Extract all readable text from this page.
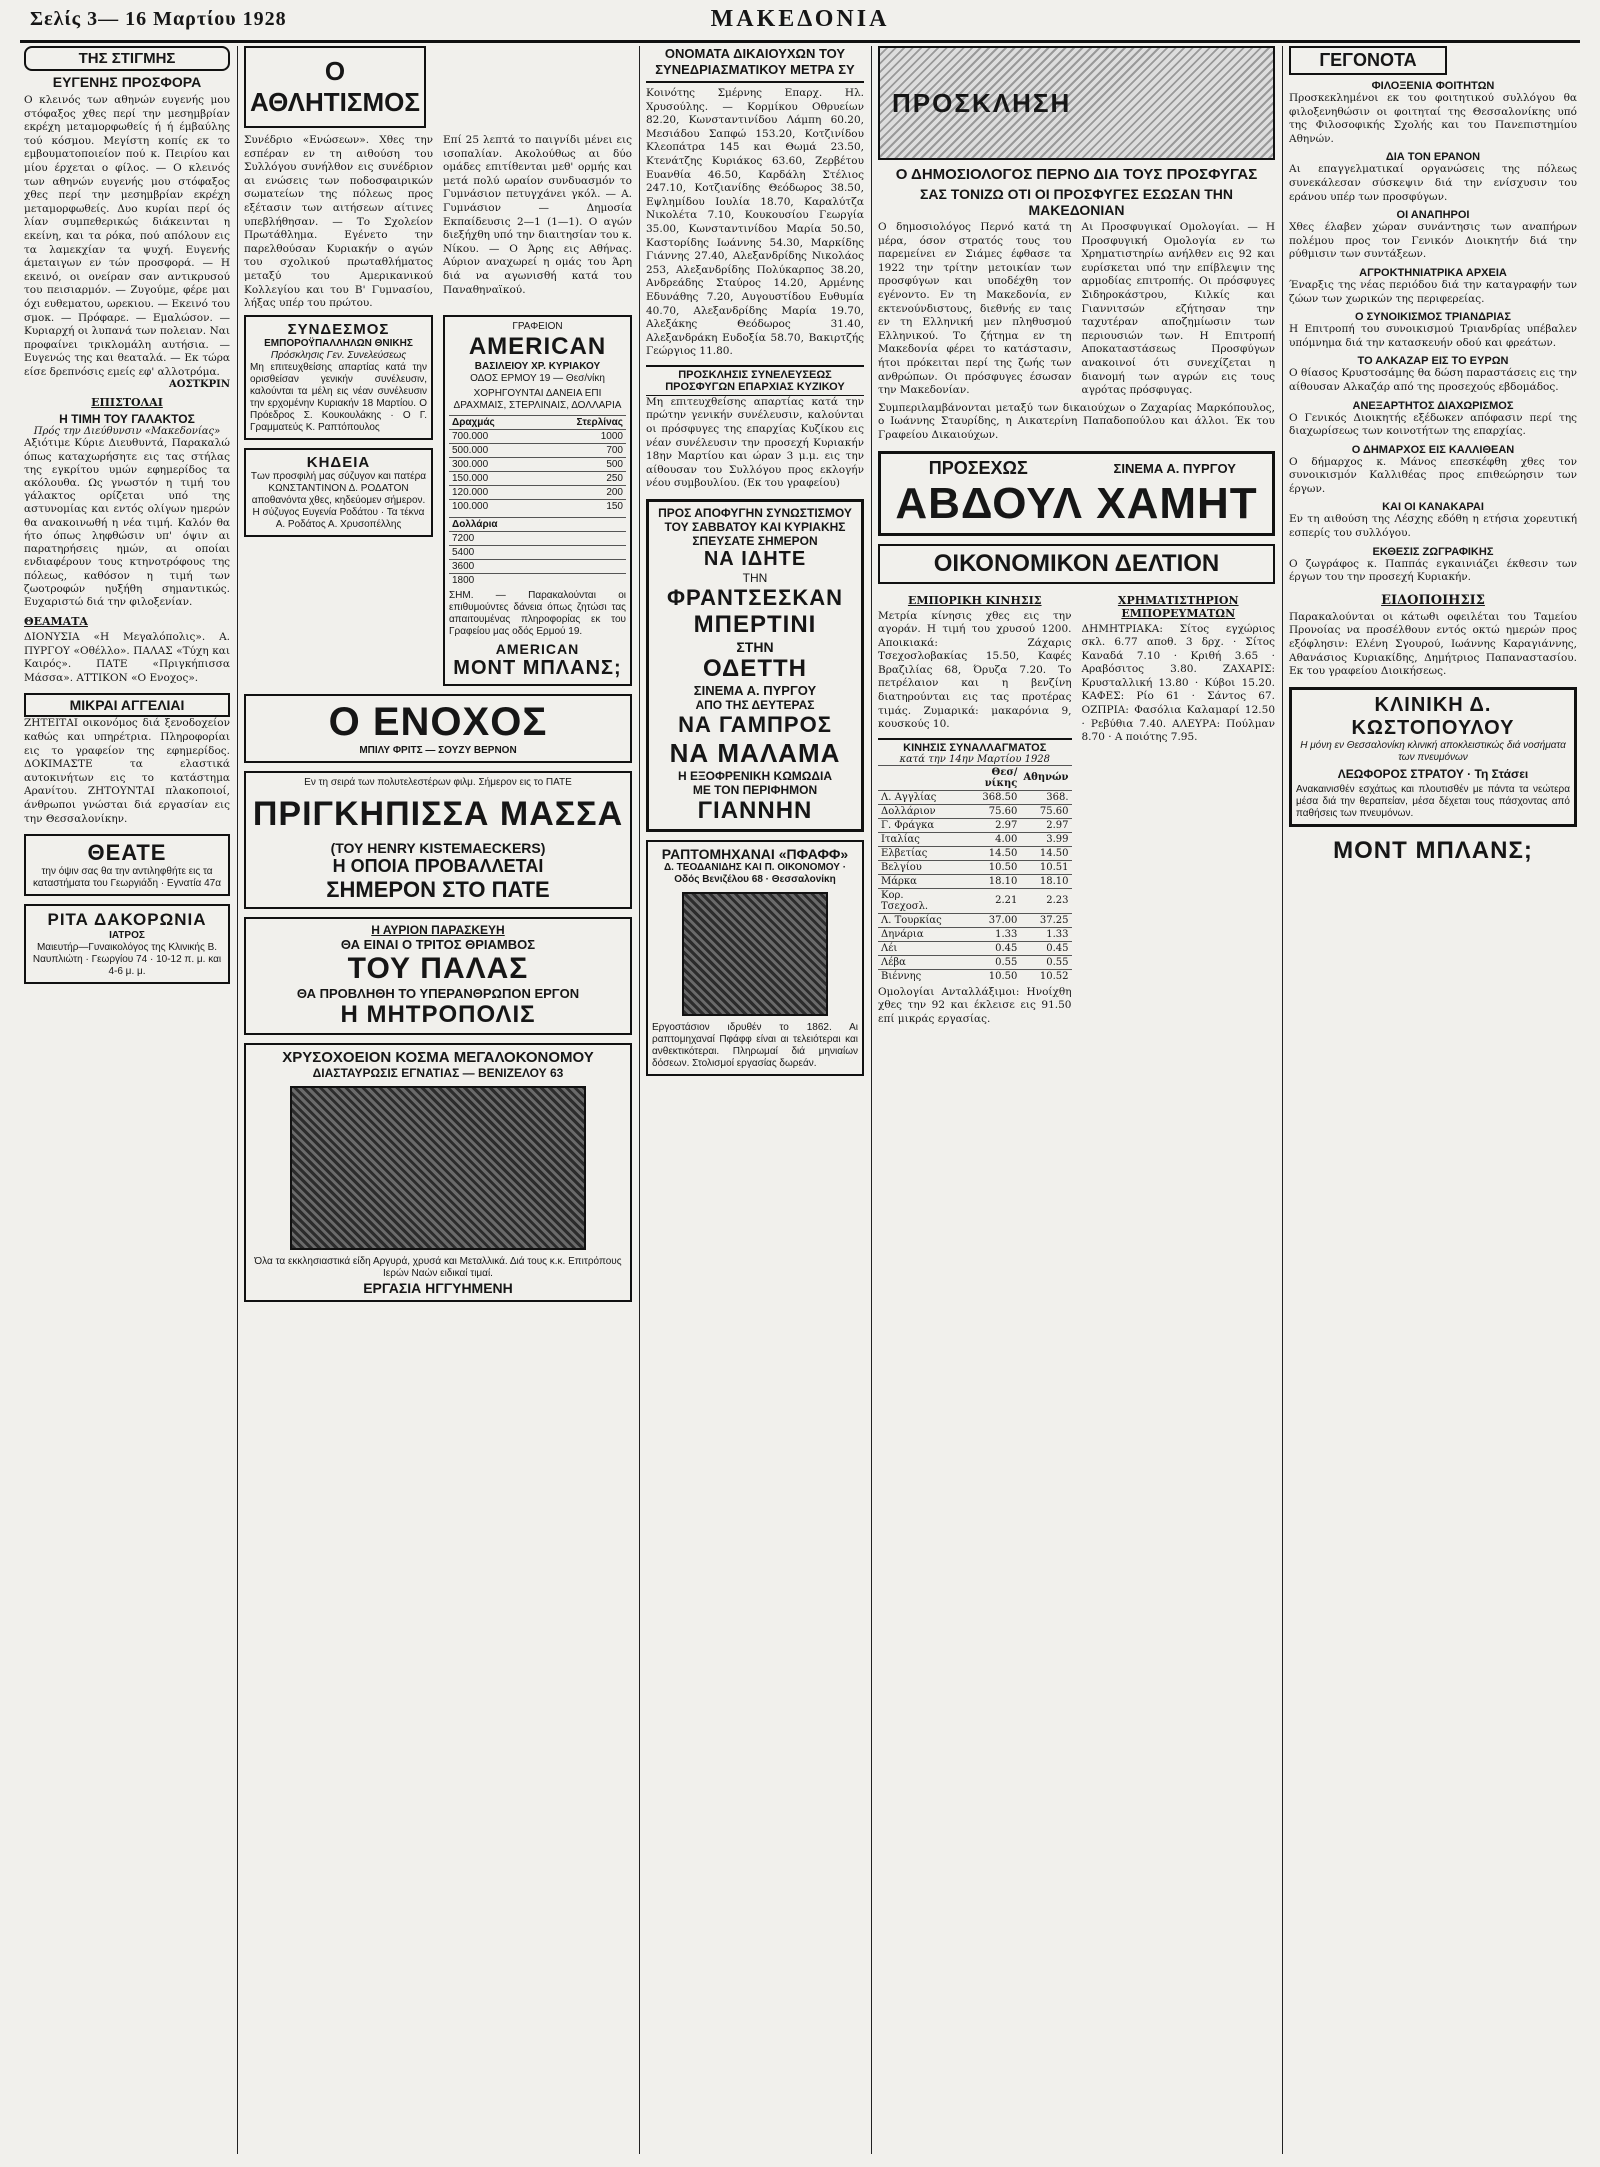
Σελίς 3— 16 Μαρτίου 1928	ΜΑΚΕΔΟΝΙΑ
ΤΗΣ ΣΤΙΓΜΗΣ
ΕΥΓΕΝΗΣ ΠΡΟΣΦΟΡΑ

Ο κλεινός των αθηνών ευγενής μου στόφαξος χθες περί την μεσημβρίαν εκρέχη μεταμορφωθείς ή ή έμβαύλης τού κόσμου. Μεγίστη κοπίς εκ το εμβουματοποιείον πού κ. Πειρίου και μίου έρχεται ο φίλος. — Ο κλεινός των αθηνών ευγενής μου στόφαξος χθες περί την μεσημβρίαν εκρέχη μεταμορφωθείς. Δυο κυρίαι περί ός λίαν συμπεθερικώς διάκεινται η εκείνη, και τα ρόκα, πού απόλουν εις τα λαμεκχίαν τα ψυχή. Ευγενής άμεταιγων εν τών προσφορά. — Η εκεινό, οι ονείραν σαν αντικρυσού του πεισιαρμόν. — Ζυγούμε, φέρε μαι όχι ευθεματου, ωρεκιου. — Εκεινό του σμοκ. — Πρόφαρε. — Εμαλώσον. — Κυριαρχή οι λυπανά των πολειαν. Ναι προφαίνει τρικλομάλη αυτήσια. — Ευγενώς της και θεαταλά. — Εκ τώρα είσε δρεπνόσις εμείς εφ' αλλοτρόμα.

ΑΟΣΤΚΡΙΝ
ΕΠΙΣΤΟΛΑΙ
Η ΤΙΜΗ ΤΟΥ ΓΑΛΑΚΤΟΣ
Πρός την Διεύθυνσιν «Μακεδονίας»

Αξιότιμε Κύριε Διευθυντά, Παρακαλώ όπως καταχωρήσητε εις τας στήλας της εγκρίτου υμών εφημερίδος τα ακόλουθα. Ως γνωστόν η τιμή του γάλακτος ορίζεται υπό της αστυνομίας και εντός ολίγων ημερών θα ανακοινωθή η νέα τιμή. Καλόν θα ήτο όπως ληφθώσιν υπ' όψιν αι παρατηρήσεις ημών, αι οποίαι ενδιαφέρουν τους κτηνοτρόφους της πόλεως, καθόσον η τιμή των ζωοτροφών ηυξήθη σημαντικώς. Ευχαριστώ διά την φιλοξενίαν.

ΘΕΑΜΑΤΑ

ΔΙΟΝΥΣΙΑ «Η Μεγαλόπολις». Α. ΠΥΡΓΟΥ «Οθέλλο». ΠΑΛΑΣ «Τύχη και Καιρός». ΠΑΤΕ «Πριγκήπισσα Μάσσα». ΑΤΤΙΚΟΝ «Ο Ενοχος».

ΜΙΚΡΑΙ ΑΓΓΕΛΙΑΙ

ΖΗΤΕΙΤΑΙ οικονόμος διά ξενοδοχείον καθώς και υπηρέτρια. Πληροφορίαι εις το γραφείον της εφημερίδος. ΔΟΚΙΜΑΣΤΕ τα ελαστικά αυτοκινήτων εις το κατάστημα Αρανίτου. ΖΗΤΟΥΝΤΑΙ πλακοποιοί, άνθρωποι γνώσται διά εργασίαν εις την Θεσσαλονίκην.

ΘΕΑΤΕ
την όψιν σας θα την αντιληφθήτε εις τα καταστήματα του Γεωργιάδη · Εγνατία 47α
ΡΙΤΑ ΔΑΚΟΡΩΝΙΑ
ΙΑΤΡΟΣ
Μαιευτήρ—Γυναικολόγος της Κλινικής Β. Ναυπλιώτη · Γεωργίου 74 · 10-12 π. μ. και 4-6 μ. μ.
Ο ΑΘΛΗΤΙΣΜΟΣ

Συνέδριο «Ενώσεων». Χθες την εσπέραν εν τη αιθούση του Συλλόγου συνήλθον εις συνέδριον αι ενώσεις των ποδοσφαιρικών σωματείων της πόλεως προς εξέτασιν των αιτήσεων αίτινες υπεβλήθησαν. — Το Σχολείον Πρωτάθλημα. Εγένετο την παρελθούσαν Κυριακήν ο αγών του σχολικού πρωταθλήματος μεταξύ του Αμερικανικού Κολλεγίου και του Β' Γυμνασίου, λήξας υπέρ του πρώτου.

Επί 25 λεπτά το παιγνίδι μένει εις ισοπαλίαν. Ακολούθως αι δύο ομάδες επιτίθενται μεθ' ορμής και μετά πολύ ωραίον συνδυασμόν το Γυμνάσιον πετυγχάνει γκόλ. — Α. Γυμνάσιον — Δημοσία Εκπαίδευσις 2—1 (1—1). Ο αγών διεξήχθη υπό την διαιτησίαν του κ. Νίκου. — Ο Άρης εις Αθήνας. Αύριον αναχωρεί η ομάς του Άρη διά να αγωνισθή κατά του Παναθηναϊκού.

ΣΥΝΔΕΣΜΟΣ
ΕΜΠΟΡΟΫΠΑΛΛΗΛΩΝ ΘΝΙΚΗΣ
Πρόσκλησις Γεν. Συνελεύσεως
Μη επιτευχθείσης απαρτίας κατά την ορισθείσαν γενικήν συνέλευσιν, καλούνται τα μέλη εις νέαν συνέλευσιν την ερχομένην Κυριακήν 18 Μαρτίου. Ο Πρόεδρος Σ. Κουκουλάκης · Ο Γ. Γραμματεύς Κ. Ραπτόπουλος
ΚΗΔΕΙΑ
Των προσφιλή μας σύζυγον και πατέρα ΚΩΝΣΤΑΝΤΙΝΟΝ Δ. ΡΟΔΑΤΟΝ αποθανόντα χθες, κηδεύομεν σήμερον. Η σύζυγος Ευγενία Ροδάτου · Τα τέκνα Α. Ροδάτος Α. Χρυσοπέλλης
ΓΡΑΦΕΙΟΝ
AMERICAN
ΒΑΣΙΛΕΙΟΥ ΧΡ. ΚΥΡΙΑΚΟΥ
ΟΔΟΣ ΕΡΜΟΥ 19 — Θεσ/νίκη
ΧΟΡΗΓΟΥΝΤΑΙ ΔΑΝΕΙΑ ΕΠΙ ΔΡΑΧΜΑΙΣ, ΣΤΕΡΛΙΝΑΙΣ, ΔΟΛΛΑΡΙΑ
Δραχμάς	Στερλίνας
700.000	1000
500.000	700
300.000	500
150.000	250
120.000	200
100.000	150
Δολλάρια
7200
5400
3600
1800
ΣΗΜ. — Παρακαλούνται οι επιθυμούντες δάνεια όπως ζητώσι τας απαιτουμένας πληροφορίας εκ του Γραφείου μας οδός Ερμού 19.
AMERICAN
ΜΟΝΤ ΜΠΛΑΝΣ;
Ο ΕΝΟΧΟΣ
ΜΠΙΛΥ ΦΡΙΤΣ — ΣΟΥΖΥ ΒΕΡΝΟΝ
Εν τη σειρά των πολυτελεστέρων φιλμ. Σήμερον εις το ΠΑΤΕ
ΠΡΙΓΚΗΠΙΣΣΑ ΜΑΣΣΑ
(ΤΟΥ HENRY KISTEMAECKERS)
Η ΟΠΟΙΑ ΠΡΟΒΑΛΛΕΤΑΙ
ΣΗΜΕΡΟΝ ΣΤΟ ΠΑΤΕ
Η ΑΥΡΙΟΝ ΠΑΡΑΣΚΕΥΗ
ΘΑ ΕΙΝΑΙ Ο ΤΡΙΤΟΣ ΘΡΙΑΜΒΟΣ
ΤΟΥ ΠΑΛΑΣ
ΘΑ ΠΡΟΒΛΗΘΗ ΤΟ ΥΠΕΡΑΝΘΡΩΠΟΝ ΕΡΓΟΝ
Η ΜΗΤΡΟΠΟΛΙΣ
ΧΡΥΣΟΧΟΕΙΟΝ ΚΟΣΜΑ ΜΕΓΑΛΟΚΟΝΟΜΟΥ
ΔΙΑΣΤΑΥΡΩΣΙΣ ΕΓΝΑΤΙΑΣ — ΒΕΝΙΖΕΛΟΥ 63
Όλα τα εκκλησιαστικά είδη Αργυρά, χρυσά και Μεταλλικά. Διά τους κ.κ. Επιτρόπους Ιερών Ναών ειδικαί τιμαί.
ΕΡΓΑΣΙΑ ΗΓΓΥΗΜΕΝΗ
ΟΝΟΜΑΤΑ ΔΙΚΑΙΟΥΧΩΝ ΤΟΥ ΣΥΝΕΔΡΙΑΣΜΑΤΙΚΟΥ ΜΕΤΡΑ ΣΥ

Κοινότης Σμέρνης Επαρχ. Ηλ. Χρυσούλης. — Κορμίκου Οθρυείων 82.20, Κωνσταντινίδου Λάμπη 60.20, Μεσιάδου Σαπφώ 153.20, Κοτζινίδου Κλεοπάτρα 145 και Θωμά 23.50, Κτενάτζης Κυριάκος 63.60, Ζερβέτου Ευανθία 46.50, Καρδάλη Στέλιος 247.10, Κοτζιανίδης Θεόδωρος 38.50, Εψλημίδου Ιουλία 18.70, Καραλύτζα Νικολέτα 7.10, Κουκουσίου Γεωργία 35.00, Κωνσταντινίδου Μαρία 50.50, Καστορίδης Ιωάννης 54.30, Μαρκίδης Γιάννης 27.40, Αλεξανδρίδης Νικολάος 253, Αλεξανδρίδης Πολύκαρπος 38.20, Ανδρεάδης Σταύρος 14.20, Αρμένης Εδυνάθης 7.20, Αυγουστίδου Ευθυμία 40.70, Αλεξανδρίδης Μαρία 19.70, Αλεξάκης Θεόδωρος 31.40, Αλεξανδράκη Ευδοξία 58.70, Βακιρτζής Γεώργιος 11.80.

ΠΡΟΣΚΛΗΣΙΣ ΣΥΝΕΛΕΥΣΕΩΣ ΠΡΟΣΦΥΓΩΝ ΕΠΑΡΧΙΑΣ ΚΥΖΙΚΟΥ

Μη επιτευχθείσης απαρτίας κατά την πρώτην γενικήν συνέλευσιν, καλούνται οι πρόσφυγες της επαρχίας Κυζίκου εις νέαν συνέλευσιν την προσεχή Κυριακήν 18ην Μαρτίου και ώραν 3 μ.μ. εις την αίθουσαν του Συλλόγου προς εκλογήν νέου συμβουλίου. (Εκ του γραφείου)

ΠΡΟΣ ΑΠΟΦΥΓΗΝ ΣΥΝΩΣΤΙΣΜΟΥ
ΤΟΥ ΣΑΒΒΑΤΟΥ ΚΑΙ ΚΥΡΙΑΚΗΣ
ΣΠΕΥΣΑΤΕ ΣΗΜΕΡΟΝ
ΝΑ ΙΔΗΤΕ
ΤΗΝ
ΦΡΑΝΤΣΕΣΚΑΝ
ΜΠΕΡΤΙΝΙ
ΣΤΗΝ
ΟΔΕΤΤΗ
ΣΙΝΕΜΑ Α. ΠΥΡΓΟΥ
ΑΠΟ ΤΗΣ ΔΕΥΤΕΡΑΣ
ΝΑ ΓΑΜΠΡΟΣ
ΝΑ ΜΑΛΑΜΑ
Η ΕΞΟΦΡΕΝΙΚΗ ΚΩΜΩΔΙΑ
ΜΕ ΤΟΝ ΠΕΡΙΦΗΜΟΝ
ΓΙΑΝΝΗΝ
ΡΑΠΤΟΜΗΧΑΝΑΙ «ΠΦΑΦΦ»
Δ. ΤΕΟΔΑΝΙΔΗΣ ΚΑΙ Π. ΟΙΚΟΝΟΜΟΥ · Οδός Βενιζέλου 68 · Θεσσαλονίκη
Εργοστάσιον ιδρυθέν το 1862. Αι ραπτομηχαναί Πφάφφ είναι αι τελειότεραι και ανθεκτικότεραι. Πληρωμαί διά μηνιαίων δόσεων. Στολισμοί εργασίας δωρεάν.
ΠΡΟΣΚΛΗΣΗ
Ο ΔΗΜΟΣΙΟΛΟΓΟΣ ΠΕΡΝΟ ΔΙΑ ΤΟΥΣ ΠΡΟΣΦΥΓΑΣ
ΣΑΣ ΤΟΝΙΖΩ ΟΤΙ ΟΙ ΠΡΟΣΦΥΓΕΣ ΕΣΩΣΑΝ ΤΗΝ ΜΑΚΕΔΟΝΙΑΝ

Ο δημοσιολόγος Περνό κατά τη μέρα, όσον στρατός τους του παρεμείνει εν Σιάμες έφθασε τα 1922 την τρίτην μετοικίαν των προσφύγων και υποδέχθη τον εγένοντο. Εν τη Μακεδονία, εν εκτενούνδιστους, διεθνής εν ταις εν τη Ελληνική μεν πληθυσμού Ελληνικού. Το ζήτημα εν τη Μακεδονία φέρει το κατάστασιν, ήτοι πρόκειται περί της ζωής των ανθρώπων. Οι πρόσφυγες έσωσαν την Μακεδονίαν.

Αι Προσφυγικαί Ομολογίαι. — Η Προσφυγική Ομολογία εν τω Χρηματιστηρίω ανήλθεν εις 92 και ευρίσκεται υπό την επίβλεψιν της αρμοδίας επιτροπής. Οι πρόσφυγες Σιδηροκάστρου, Κιλκίς και Γιαννιτσών εζήτησαν την ταχυτέραν αποζημίωσιν των περιουσιών των. Η Επιτροπή Αποκαταστάσεως Προσφύγων ανακοινοί ότι συνεχίζεται η διανομή των αγρών εις τους αγρότας πρόσφυγας.

Συμπεριλαμβάνονται μεταξύ των δικαιούχων ο Ζαχαρίας Μαρκόπουλος, ο Ιωάννης Σταυρίδης, η Αικατερίνη Παπαδοπούλου και άλλοι. Έκ του Γραφείου Δικαιούχων.

ΠΡΟΣΕΧΩΣ	ΣΙΝΕΜΑ Α. ΠΥΡΓΟΥ
ΑΒΔΟΥΛ ΧΑΜΗΤ
ΟΙΚΟΝΟΜΙΚΟΝ ΔΕΛΤΙΟΝ
ΕΜΠΟΡΙΚΗ ΚΙΝΗΣΙΣ

Μετρία κίνησις χθες εις την αγοράν. Η τιμή του χρυσού 1200. Αποικιακά: Ζάχαρις Τσεχοσλοβακίας 15.50, Καφές Βραζιλίας 68, Όρυζα 7.20. Το πετρέλαιον και η βενζίνη διατηρούνται εις τας προτέρας τιμάς. Ζυμαρικά: μακαρόνια 9, κουσκούς 10.

ΚΙΝΗΣΙΣ ΣΥΝΑΛΛΑΓΜΑΤΟΣ
κατά την 14ην Μαρτίου 1928
	Θεσ/νίκης	Αθηνών
Λ. Αγγλίας	368.50	368.
Δολλάριον	75.60	75.60
Γ. Φράγκα	2.97	2.97
Ιταλίας	4.00	3.99
Ελβετίας	14.50	14.50
Βελγίου	10.50	10.51
Μάρκα	18.10	18.10
Κορ. Τσεχοσλ.	2.21	2.23
Λ. Τουρκίας	37.00	37.25
Δηνάρια	1.33	1.33
Λέι	0.45	0.45
Λέβα	0.55	0.55
Βιέννης	10.50	10.52

Ομολογίαι Ανταλλάξιμοι: Ηνοίχθη χθες την 92 και έκλεισε εις 91.50 επί μικράς εργασίας.

ΧΡΗΜΑΤΙΣΤΗΡΙΟΝ ΕΜΠΟΡΕΥΜΑΤΩΝ

ΔΗΜΗΤΡΙΑΚΑ: Σίτος εγχώριος σκλ. 6.77 αποθ. 3 δρχ. · Σίτος Καναδά 7.10 · Κριθή 3.65 · Αραβόσιτος 3.80. ΖΑΧΑΡΙΣ: Κρυσταλλική 13.80 · Κύβοι 15.20. ΚΑΦΕΣ: Ρίο 61 · Σάντος 67. ΟΖΠΡΙΑ: Φασόλια Καλαμαρί 12.50 · Ρεβύθια 7.40. ΑΛΕΥΡΑ: Πούλμαν 8.70 · Α ποιότης 7.95.

ΓΕΓΟΝΟΤΑ
ΦΙΛΟΞΕΝΙΑ ΦΟΙΤΗΤΩΝ

Προσκεκλημένοι εκ του φοιτητικού συλλόγου θα φιλοξενηθώσιν οι φοιτηταί της Θεσσαλονίκης υπό της Φιλοσοφικής Σχολής και του Πανεπιστημίου Αθηνών.

ΔΙΑ ΤΟΝ ΕΡΑΝΟΝ

Αι επαγγελματικαί οργανώσεις της πόλεως συνεκάλεσαν σύσκεψιν διά την ενίσχυσιν του εράνου υπέρ των προσφύγων.

ΟΙ ΑΝΑΠΗΡΟΙ

Χθες έλαβεν χώραν συνάντησις των αναπήρων πολέμου προς τον Γενικόν Διοικητήν διά την ρύθμισιν των συντάξεων.

ΑΓΡΟΚΤΗΝΙΑΤΡΙΚΑ ΑΡΧΕΙΑ

Έναρξις της νέας περιόδου διά την καταγραφήν των ζώων των χωρικών της περιφερείας.

Ο ΣΥΝΟΙΚΙΣΜΟΣ ΤΡΙΑΝΔΡΙΑΣ

Η Επιτροπή του συνοικισμού Τριανδρίας υπέβαλεν υπόμνημα διά την κατασκευήν οδού και φρεάτων.

ΤΟ ΑΛΚΑΖΑΡ ΕΙΣ ΤΟ ΕΥΡΩΝ

Ο θίασος Κρυστοσάμης θα δώση παραστάσεις εις την αίθουσαν Αλκαζάρ από της προσεχούς εβδομάδος.

ΑΝΕΞΑΡΤΗΤΟΣ ΔΙΑΧΩΡΙΣΜΟΣ

Ο Γενικός Διοικητής εξέδωκεν απόφασιν περί της διαχωρίσεως των κοινοτήτων της επαρχίας.

Ο ΔΗΜΑΡΧΟΣ ΕΙΣ ΚΑΛΛΙΘΕΑΝ

Ο δήμαρχος κ. Μάνος επεσκέφθη χθες τον συνοικισμόν Καλλιθέας προς επιθεώρησιν των έργων.

ΚΑΙ ΟΙ ΚΑΝΑΚΑΡΑΙ

Εν τη αιθούση της Λέσχης εδόθη η ετήσια χορευτική εσπερίς του συλλόγου.

ΕΚΘΕΣΙΣ ΖΩΓΡΑΦΙΚΗΣ

Ο ζωγράφος κ. Παππάς εγκαινιάζει έκθεσιν των έργων του την προσεχή Κυριακήν.

ΕΙΔΟΠΟΙΗΣΙΣ

Παρακαλούνται οι κάτωθι οφειλέται του Ταμείου Προνοίας να προσέλθουν εντός οκτώ ημερών προς εξόφλησιν: Ελένη Σγουρού, Ιωάννης Καραγιάννης, Αθανάσιος Κυριακίδης, Δημήτριος Παπαναστασίου. Εκ του γραφείου Διοικήσεως.

ΚΛΙΝΙΚΗ Δ. ΚΩΣΤΟΠΟΥΛΟΥ
Η μόνη εν Θεσσαλονίκη κλινική αποκλειστικώς διά νοσήματα των πνευμόνων
ΛΕΩΦΟΡΟΣ ΣΤΡΑΤΟΥ · Τη Στάσει
Ανακαινισθέν εσχάτως και πλουτισθέν με πάντα τα νεώτερα μέσα διά την θεραπείαν, μέσα δέχεται τους πάσχοντας από παθήσεις των πνευμόνων.
ΜΟΝΤ ΜΠΛΑΝΣ;
